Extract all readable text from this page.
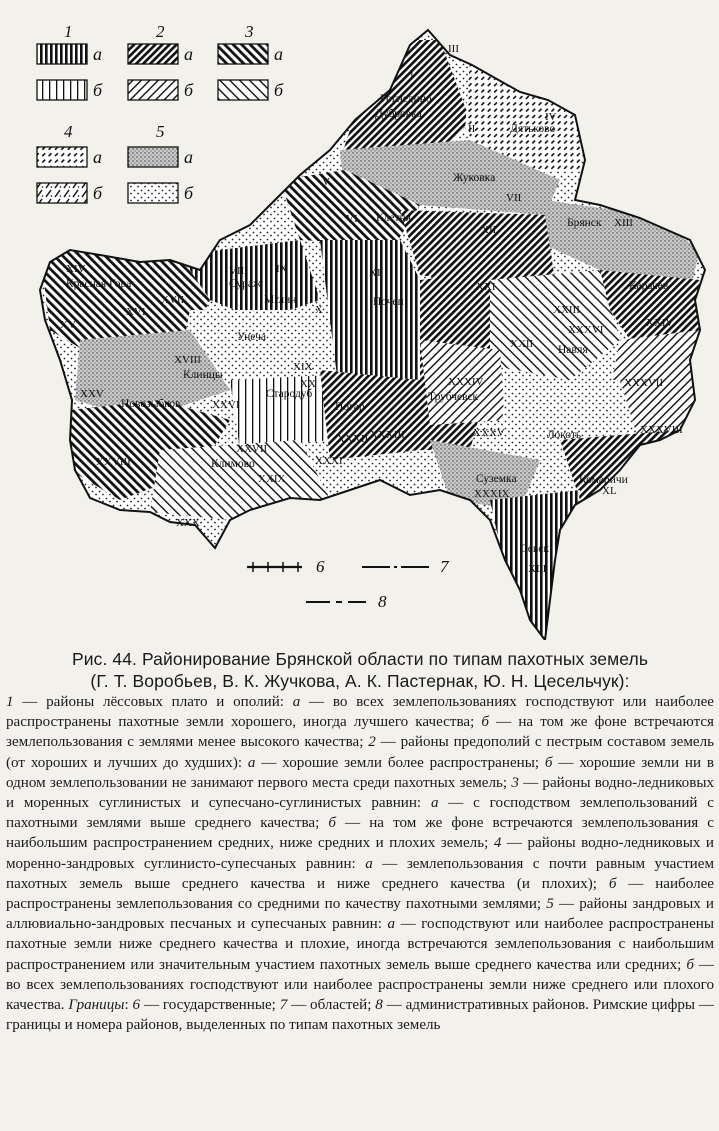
1	2	3
4	5
а
б
а
б
а
б
а
б
а
б
Рогнедино
Дубровка
Дятьково
Жуковка
Клетня	Брянск
Красная Гора	Сураж
Мглин	Почеп
Карачев
Унеча
Навля
Клинцы
Стародуб	Трубчевск
Новозыбков	Погар
Локоть
Климово
Суземка	Комаричи
Севск
I
II
III
IV
V
VI
VII
VIII	IX
X
XI
XII
XIII
XIV
XV
XVI
XVII
XVIII
XIX
XX
XXI
XXII
XXIII
XXIV
XXV
XXVI
XXVII
XXVIII
XXIX
XXX
XXXI
XXXII XXXIII
XXXIV
XXXV
XXXVI
XXXVII
XXXVIII
XXXIX	XL
XLI
6	7
8
Рис. 44. Районирование Брянской области по типам пахотных земель
(Г. Т. Воробьев, В. К. Жучкова, А. К. Пастернак, Ю. Н. Цесельчук):
1 — районы лёссовых плато и ополий: а — во всех землепользованиях господствуют или наиболее распространены пахотные земли хорошего, иногда лучшего качества; б — на том же фоне встречаются землепользования с землями менее высокого качества; 2 — районы предополий с пестрым составом земель (от хороших и лучших до худших): а — хорошие земли более распространены; б — хорошие земли ни в одном землепользовании не занимают первого места среди пахотных земель; 3 — районы водно-ледниковых и моренных суглинистых и супесчано-суглинистых равнин: а — с господством землепользований с пахотными землями выше среднего качества; б — на том же фоне встречаются землепользования с наибольшим распространением средних, ниже средних и плохих земель; 4 — районы водно-ледниковых и моренно-зандровых суглинисто-супесчаных равнин: а — землепользования с почти равным участием пахотных земель выше среднего качества и ниже среднего качества (и плохих); б — наиболее распространены землепользования со средними по качеству пахотными землями; 5 — районы зандровых и аллювиально-зандровых песчаных и супесчаных равнин: а — господствуют или наиболее распространены пахотные земли ниже среднего качества и плохие, иногда встречаются землепользования с наибольшим распространением или значительным участием пахотных земель выше среднего качества или средних; б — во всех землепользованиях господствуют или наиболее распространены земли ниже среднего или плохого качества. Границы: 6 — государственные; 7 — областей; 8 — административных районов. Римские цифры — границы и номера районов, выделенных по типам пахотных земель
